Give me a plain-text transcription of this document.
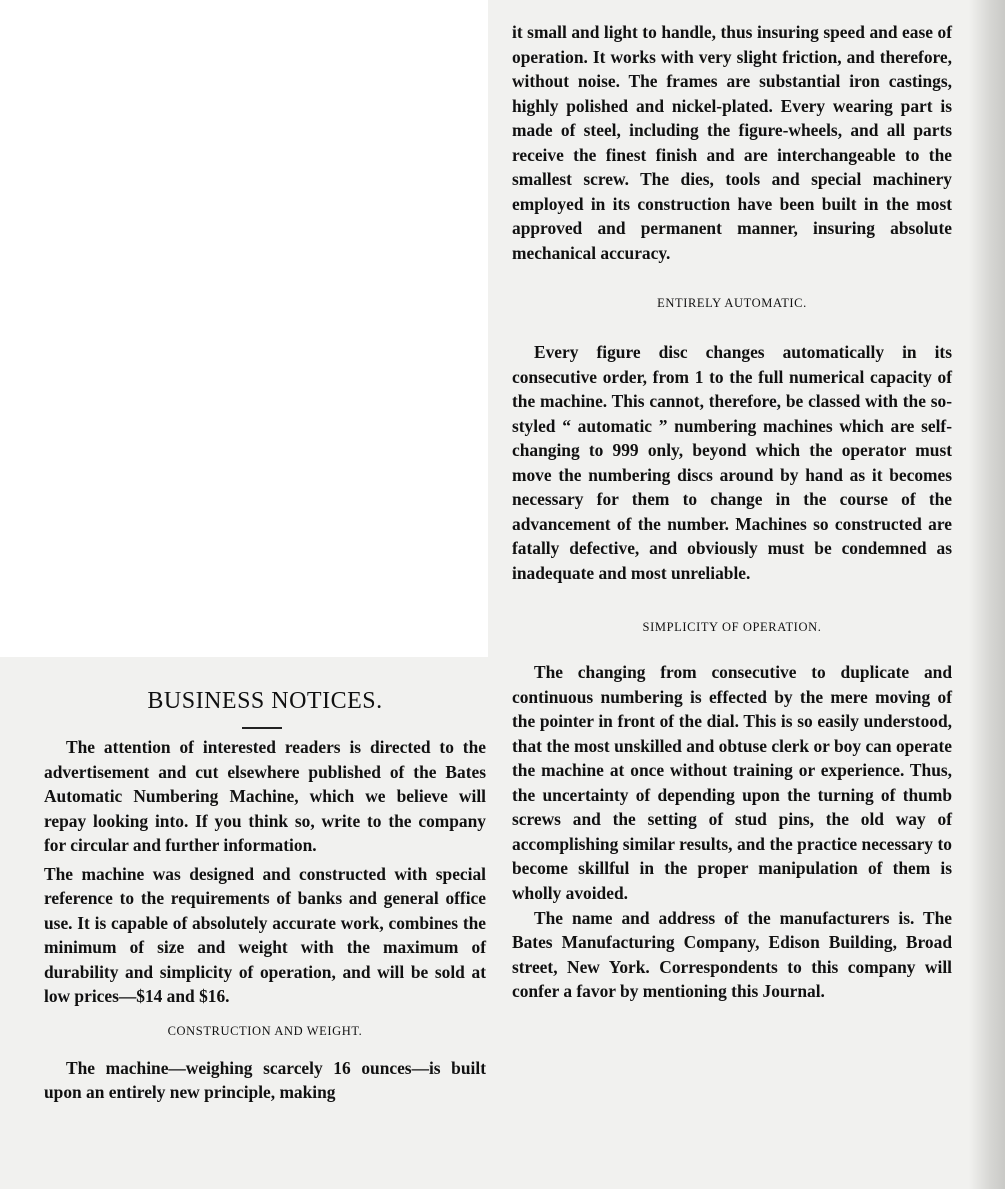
it small and light to handle, thus insuring speed and ease of operation. It works with very slight friction, and therefore, without noise. The frames are substantial iron castings, highly polished and nickel-plated. Every wearing part is made of steel, including the figure-wheels, and all parts receive the finest finish and are interchangeable to the smallest screw. The dies, tools and special machinery employed in its construction have been built in the most approved and permanent manner, insuring absolute mechanical accuracy.

ENTIRELY AUTOMATIC.

Every figure disc changes automatically in its consecutive order, from 1 to the full numerical capacity of the machine. This cannot, therefore, be classed with the so-styled “ automatic ” numbering machines which are self-changing to 999 only, beyond which the operator must move the numbering discs around by hand as it becomes necessary for them to change in the course of the advancement of the number. Machines so constructed are fatally defective, and obviously must be condemned as inadequate and most unreliable.

SIMPLICITY OF OPERATION.

The changing from consecutive to duplicate and continuous numbering is effected by the mere moving of the pointer in front of the dial. This is so easily understood, that the most unskilled and obtuse clerk or boy can operate the machine at once without training or experience. Thus, the uncertainty of depending upon the turning of thumb screws and the setting of stud pins, the old way of accomplishing similar results, and the practice necessary to become skillful in the proper manipulation of them is wholly avoided.

The name and address of the manufacturers is. The Bates Manufacturing Company, Edison Building, Broad street, New York. Correspondents to this company will confer a favor by mentioning this Journal.

BUSINESS NOTICES.

The attention of interested readers is directed to the advertisement and cut elsewhere published of the Bates Automatic Numbering Machine, which we believe will repay looking into. If you think so, write to the company for circular and further information.

The machine was designed and constructed with special reference to the requirements of banks and general office use. It is capable of absolutely accurate work, combines the minimum of size and weight with the maximum of durability and simplicity of operation, and will be sold at low prices—$14 and $16.

CONSTRUCTION AND WEIGHT.

The machine—weighing scarcely 16 ounces—is built upon an entirely new principle, making
